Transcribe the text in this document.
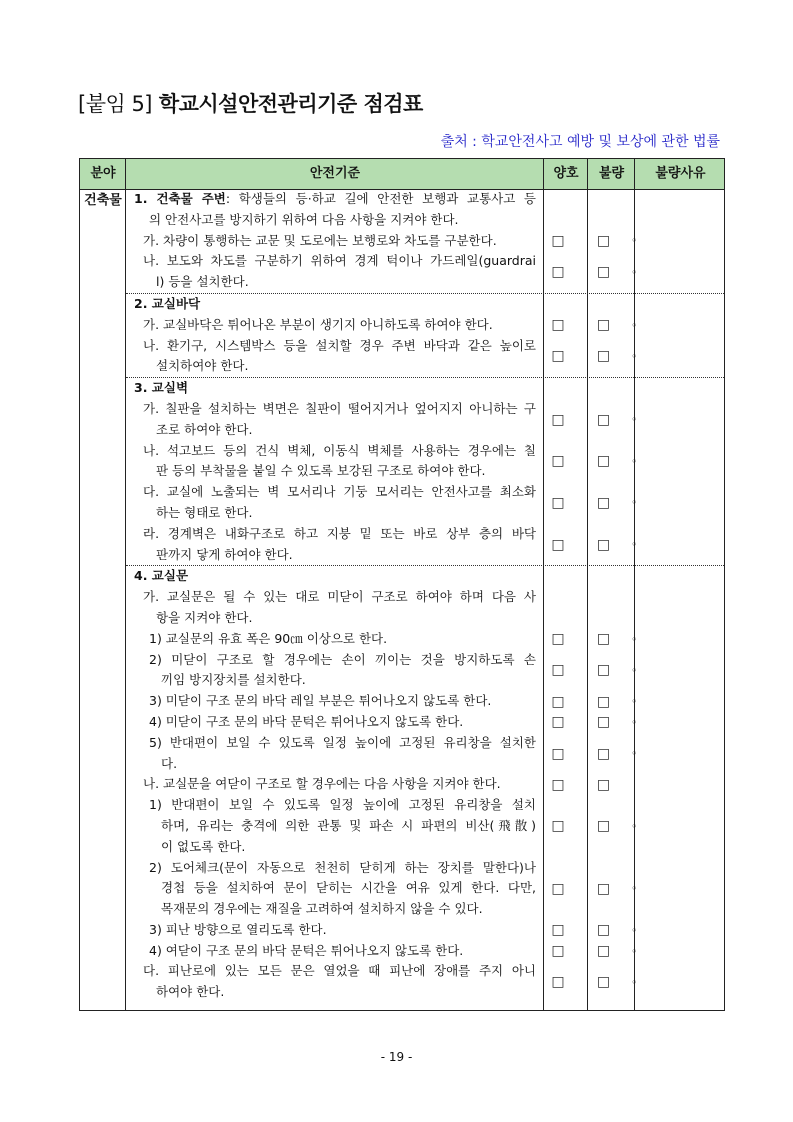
[붙임 5] 학교시설안전관리기준 점검표
출처 : 학교안전사고 예방 및 보상에 관한 법률
분야	안전기준	양호	불량	불량사유
건축물 1. 건축물 주변: 학생들의 등·하교 길에 안전한 보행과 교통사고 등
의 안전사고를 방지하기 위하여 다음 사항을 지켜야 한다.
가. 차량이 통행하는 교문 및 도로에는 보행로와 차도를 구분한다.	□	□	◦
나. 보도와 차도를 구분하기 위하여 경계 턱이나 가드레일(guardrai
l) 등을 설치한다.
□	□	◦
2. 교실바닥
가. 교실바닥은 튀어나온 부분이 생기지 아니하도록 하여야 한다.	□	□	◦
나. 환기구, 시스템박스 등을 설치할 경우 주변 바닥과 같은 높이로
설치하여야 한다.
□	□	◦
3. 교실벽
가. 칠판을 설치하는 벽면은 칠판이 떨어지거나 엎어지지 아니하는 구
조로 하여야 한다.
□	□	◦
나. 석고보드 등의 건식 벽체, 이동식 벽체를 사용하는 경우에는 칠
판 등의 부착물을 붙일 수 있도록 보강된 구조로 하여야 한다.
□	□	◦
다. 교실에 노출되는 벽 모서리나 기둥 모서리는 안전사고를 최소화
하는 형태로 한다.
□	□	◦
라. 경계벽은 내화구조로 하고 지붕 밑 또는 바로 상부 층의 바닥
판까지 닿게 하여야 한다.
□	□	◦
4. 교실문
가. 교실문은 될 수 있는 대로 미닫이 구조로 하여야 하며 다음 사
항을 지켜야 한다.
1) 교실문의 유효 폭은 90㎝ 이상으로 한다.	□	□	◦
2) 미닫이 구조로 할 경우에는 손이 끼이는 것을 방지하도록 손
끼임 방지장치를 설치한다.
□	□	◦
3) 미닫이 구조 문의 바닥 레일 부분은 튀어나오지 않도록 한다.	□	□	◦
4) 미닫이 구조 문의 바닥 문턱은 튀어나오지 않도록 한다.	□	□	◦
5) 반대편이 보일 수 있도록 일정 높이에 고정된 유리창을 설치한
다.
□	□	◦
나. 교실문을 여닫이 구조로 할 경우에는 다음 사항을 지켜야 한다.	□	□
1) 반대편이 보일 수 있도록 일정 높이에 고정된 유리창을 설치
하며, 유리는 충격에 의한 관통 및 파손 시 파편의 비산(飛散)
이 없도록 한다.
□	□	◦
2) 도어체크(문이 자동으로 천천히 닫히게 하는 장치를 말한다)나
경첩 등을 설치하여 문이 닫히는 시간을 여유 있게 한다. 다만,
목재문의 경우에는 재질을 고려하여 설치하지 않을 수 있다.
□	□	◦
3) 피난 방향으로 열리도록 한다.	□	□	◦
4) 여닫이 구조 문의 바닥 문턱은 튀어나오지 않도록 한다.	□	□	◦
다. 피난로에 있는 모든 문은 열었을 때 피난에 장애를 주지 아니
하여야 한다.
□	□	◦
- 19 -
